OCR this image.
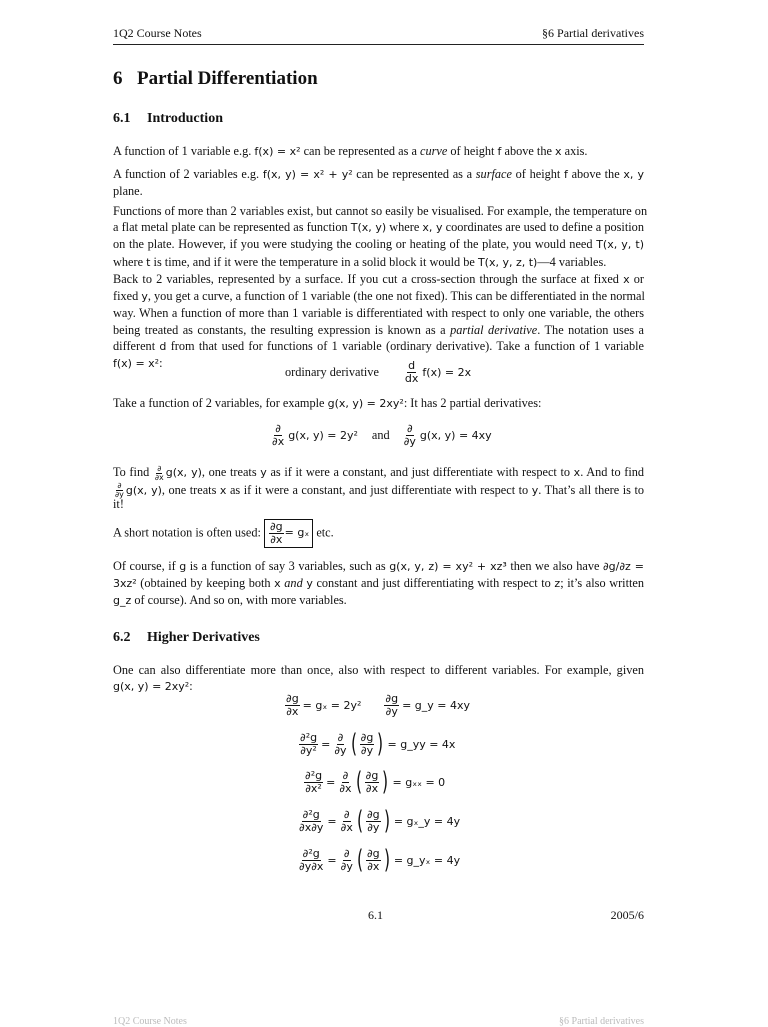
1Q2 Course Notes	§6 Partial derivatives
6 Partial Differentiation
6.1 Introduction
A function of 1 variable e.g. f(x) = x² can be represented as a curve of height f above the x axis.
A function of 2 variables e.g. f(x, y) = x² + y² can be represented as a surface of height f above the x, y
plane.
Functions of more than 2 variables exist, but cannot so easily be visualised. For example, the temperature on
a flat metal plate can be represented as function T(x, y) where x, y coordinates are used to define a position
on the plate. However, if you were studying the cooling or heating of the plate, you would need T(x, y, t)
where t is time, and if it were the temperature in a solid block it would be T(x, y, z, t)—4 variables.
Back to 2 variables, represented by a surface. If you cut a cross-section through the surface at fixed x or
fixed y, you get a curve, a function of 1 variable (the one not fixed). This can be differentiated in the normal
way. When a function of more than 1 variable is differentiated with respect to only one variable, the others
being treated as constants, the resulting expression is known as a partial derivative. The notation uses a
different d from that used for functions of 1 variable (ordinary derivative). Take a function of 1 variable
f(x) = x²:
ordinary derivative $\frac{d}{dx} f(x) = 2x$
Take a function of 2 variables, for example g(x, y) = 2xy²: It has 2 partial derivatives:
$\frac{\partial}{\partial x} g(x$, y) = 2y² and $\frac{\partial}{\partial y} g(x$, y) = 4xy
To find $\frac{\partial}{\partial x} g(x$, y), one treats y as if it were a constant, and just differentiate with respect to x. And to find
$\frac{\partial}{\partial y} g(x$, y), one treats x as if it were a constant, and just differentiate with respect to y. That’s all there is to
it!
A short notation is often used: $\frac{\partial g}{\partial x} = g_x$ etc.
Of course, if g is a function of say 3 variables, such as g(x, y, z) = xy² + xz³ then we also have ∂g/∂z =
3xz² (obtained by keeping both x and y constant and just differentiating with respect to z; it’s also written
g_z of course). And so on, with more variables.
6.2 Higher Derivatives
One can also differentiate more than once, also with respect to different variables. For example, given
g(x, y) = 2xy²:
$\frac{\partial g}{\partial x} = g_x = 2y^2 \frac{\partial g}{\partial y}$ = g_y = 4xy
$\frac{\text{∂²g}}{\text{∂y²}} = \frac{\partial}{\partial y}$ ( $\frac{\partial g}{\partial y}$ ) = g_yy = 4x
$\frac{\text{∂²g}}{\text{∂x²}} = \frac{\partial}{\partial x}$ ( $\frac{\partial g}{\partial x}$ ) = gₓₓ = 0
$\frac{\text{∂²g}}{\partial x\partial y} = \frac{\partial}{\partial x}$ ( $\frac{\partial g}{\partial y}$ ) = gₓ_y = 4y
$\frac{\text{∂²g}}{\partial y\partial x} = \frac{\partial}{\partial y}$ ( $\frac{\partial g}{\partial x}$ ) = g_yₓ = 4y
6.1	2005/6
1Q2 Course Notes	§6 Partial derivatives
